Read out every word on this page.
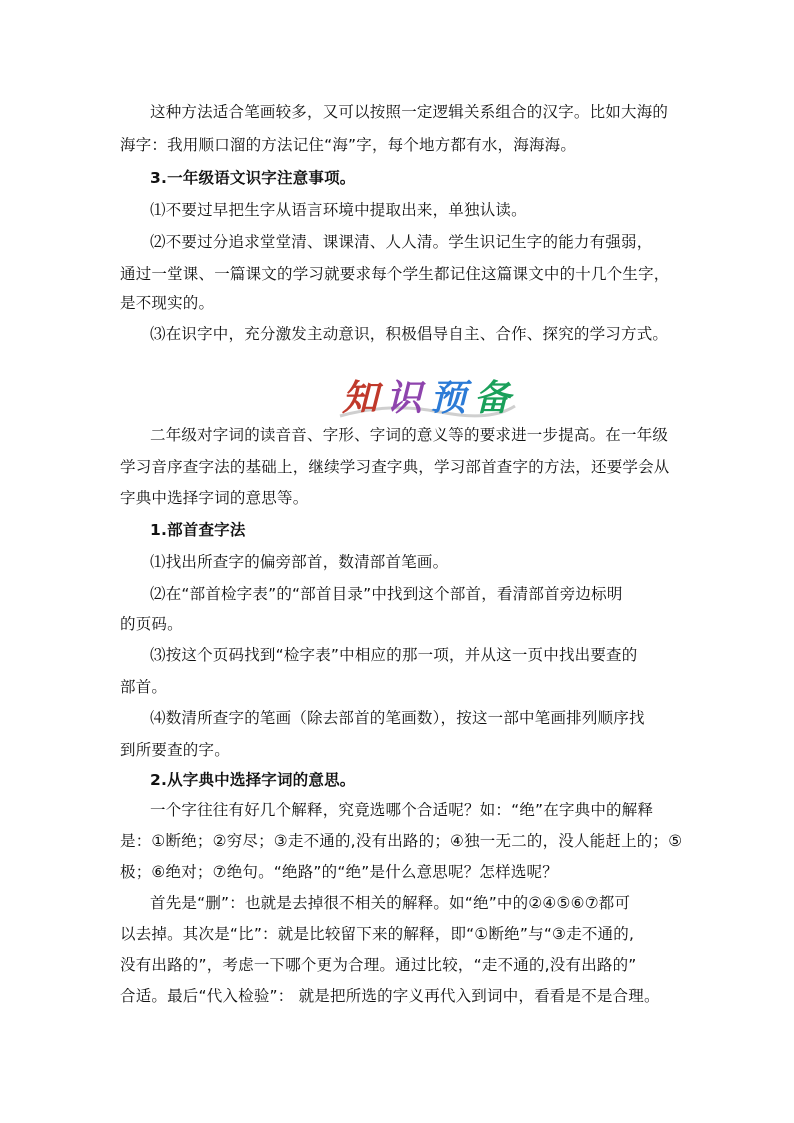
这种方法适合笔画较多，又可以按照一定逻辑关系组合的汉字。比如大海的
海字：我用顺口溜的方法记住“海”字，每个地方都有水，海海海。
3.一年级语文识字注意事项。
⑴不要过早把生字从语言环境中提取出来，单独认读。
⑵不要过分追求堂堂清、课课清、人人清。学生识记生字的能力有强弱，
通过一堂课、一篇课文的学习就要求每个学生都记住这篇课文中的十几个生字，
是不现实的。
⑶在识字中，充分激发主动意识，积极倡导自主、合作、探究的学习方式。
知 识 预 备
二年级对字词的读音音、字形、字词的意义等的要求进一步提高。在一年级
学习音序查字法的基础上，继续学习查字典，学习部首查字的方法，还要学会从
字典中选择字词的意思等。
1.部首查字法
⑴找出所查字的偏旁部首，数清部首笔画。
⑵在“部首检字表”的“部首目录”中找到这个部首，看清部首旁边标明
的页码。
⑶按这个页码找到“检字表”中相应的那一项，并从这一页中找出要查的
部首。
⑷数清所查字的笔画（除去部首的笔画数），按这一部中笔画排列顺序找
到所要查的字。
2.从字典中选择字词的意思。
一个字往往有好几个解释，究竟选哪个合适呢？如：“绝”在字典中的解释
是：①断绝；②穷尽；③走不通的,没有出路的；④独一无二的，没人能赶上的；⑤
极；⑥绝对；⑦绝句。“绝路”的“绝”是什么意思呢？怎样选呢？
首先是“删”：也就是去掉很不相关的解释。如“绝”中的②④⑤⑥⑦都可
以去掉。其次是“比”：就是比较留下来的解释，即“①断绝”与“③走不通的,
没有出路的”，考虑一下哪个更为合理。通过比较，“走不通的,没有出路的”
合适。最后“代入检验”： 就是把所选的字义再代入到词中，看看是不是合理。
